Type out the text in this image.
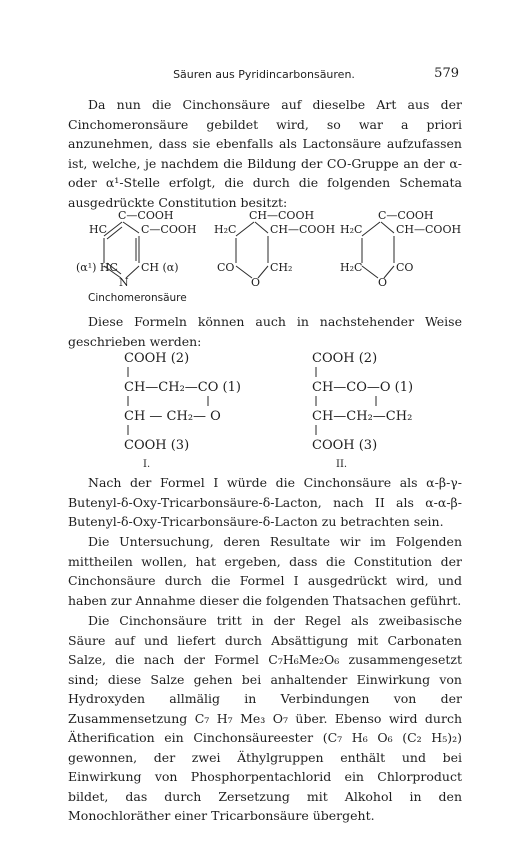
Säuren aus Pyridincarbonsäuren.	579

Da nun die Cinchonsäure auf dieselbe Art aus der Cinchomeronsäure gebildet wird, so war a priori anzunehmen, dass sie ebenfalls als Lactonsäure aufzufassen ist, welche, je nachdem die Bildung der CO-Gruppe an der α- oder α¹-Stelle erfolgt, die durch die folgenden Schemata ausgedrückte Constitution besitzt:

C—COOH
HC	C—COOH
(α¹) HC CH (α)
N
CH—COOH
H₂C	CH—COOH
CO	CH₂
O
C—COOH
H₂C	CH—COOH
H₂C	CO
O
Cinchomeronsäure

Diese Formeln können auch in nachstehender Weise geschrieben werden:

COOH (2)
CH—CH₂—CO (1)
CH — CH₂— O
COOH (3)
I.
COOH (2)
CH—CO—O (1)
CH—CH₂—CH₂
COOH (3)
II.

Nach der Formel I würde die Cinchonsäure als α-β-γ-Butenyl-δ-Oxy-Tricarbonsäure-δ-Lacton, nach II als α-α-β-Butenyl-δ-Oxy-Tricarbonsäure-δ-Lacton zu betrachten sein.

Die Untersuchung, deren Resultate wir im Folgenden mittheilen wollen, hat ergeben, dass die Constitution der Cinchonsäure durch die Formel I ausgedrückt wird, und haben zur Annahme dieser die folgenden Thatsachen geführt.

Die Cinchonsäure tritt in der Regel als zweibasische Säure auf und liefert durch Absättigung mit Carbonaten Salze, die nach der Formel C₇H₆Me₂O₆ zusammengesetzt sind; diese Salze gehen bei anhaltender Einwirkung von Hydroxyden allmälig in Verbindungen von der Zusammensetzung C₇ H₇ Me₃ O₇ über. Ebenso wird durch Ätherification ein Cinchonsäureester (C₇ H₆ O₆ (C₂ H₅)₂) gewonnen, der zwei Äthylgruppen enthält und bei Einwirkung von Phosphorpentachlorid ein Chlorproduct bildet, das durch Zersetzung mit Alkohol in den Monochloräther einer Tricarbonsäure übergeht.
